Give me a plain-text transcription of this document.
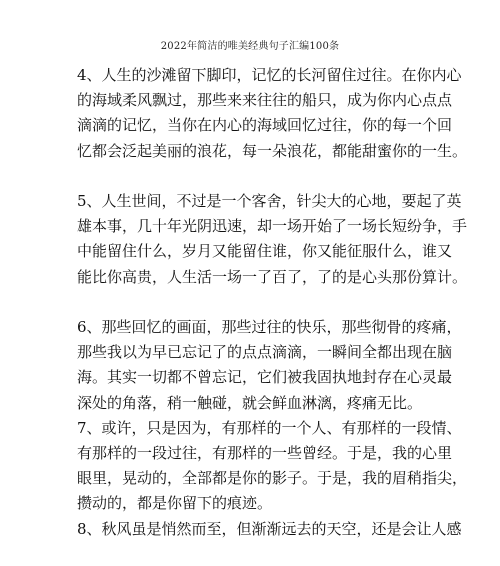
2022年简洁的唯美经典句子汇编100条
4、人生的沙滩留下脚印，记忆的长河留住过往。在你内心
的海域柔风飘过，那些来来往往的船只，成为你内心点点
滴滴的记忆，当你在内心的海域回忆过往，你的每一个回
忆都会泛起美丽的浪花，每一朵浪花，都能甜蜜你的一生。
5、人生世间，不过是一个客舍，针尖大的心地，要起了英
雄本事，几十年光阴迅速，却一场开始了一场长短纷争，手
中能留住什么，岁月又能留住谁，你又能征服什么，谁又
能比你高贵，人生活一场一了百了，了的是心头那份算计。
6、那些回忆的画面，那些过往的快乐，那些彻骨的疼痛，
那些我以为早已忘记了的点点滴滴，一瞬间全都出现在脑
海。其实一切都不曾忘记，它们被我固执地封存在心灵最
深处的角落，稍一触碰，就会鲜血淋漓，疼痛无比。
7、或许，只是因为，有那样的一个人、有那样的一段情、
有那样的一段过往，有那样的一些曾经。于是，我的心里
眼里，晃动的，全部都是你的影子。于是，我的眉稍指尖，
攒动的，都是你留下的痕迹。
8、秋风虽是悄然而至，但渐渐远去的天空，还是会让人感
